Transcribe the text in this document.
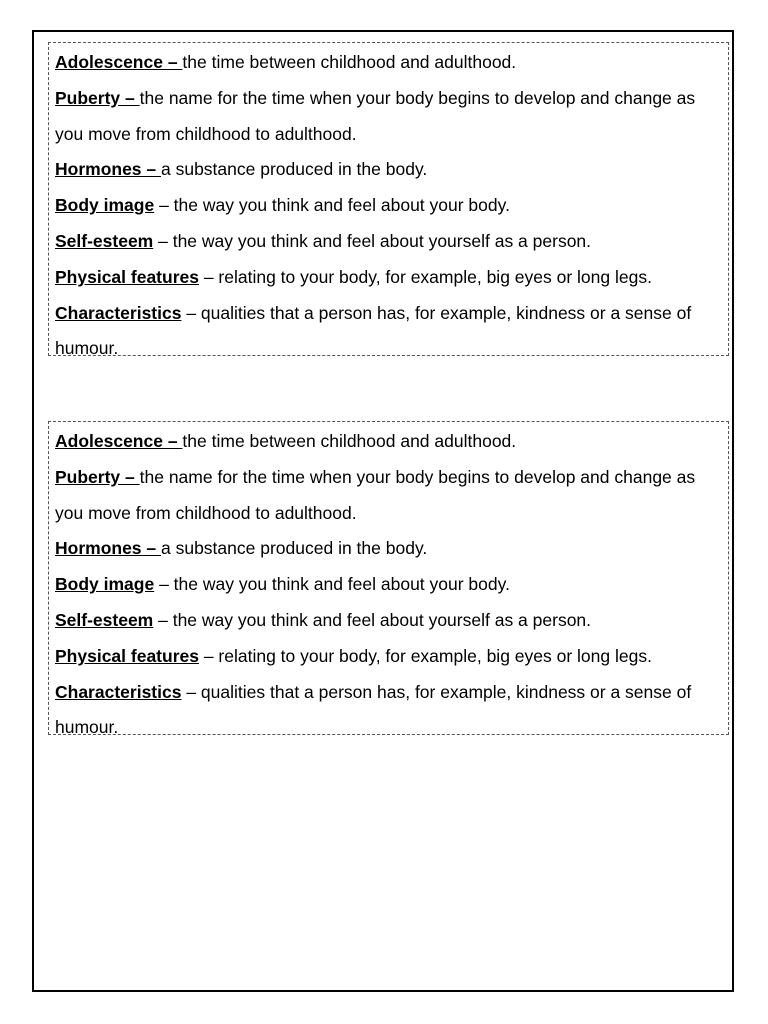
Adolescence – the time between childhood and adulthood.

Puberty – the name for the time when your body begins to develop and change as you move from childhood to adulthood.

Hormones – a substance produced in the body.

Body image – the way you think and feel about your body.

Self-esteem – the way you think and feel about yourself as a person.

Physical features – relating to your body, for example, big eyes or long legs.

Characteristics – qualities that a person has, for example, kindness or a sense of humour.

Adolescence – the time between childhood and adulthood.

Puberty – the name for the time when your body begins to develop and change as you move from childhood to adulthood.

Hormones – a substance produced in the body.

Body image – the way you think and feel about your body.

Self-esteem – the way you think and feel about yourself as a person.

Physical features – relating to your body, for example, big eyes or long legs.

Characteristics – qualities that a person has, for example, kindness or a sense of humour.
